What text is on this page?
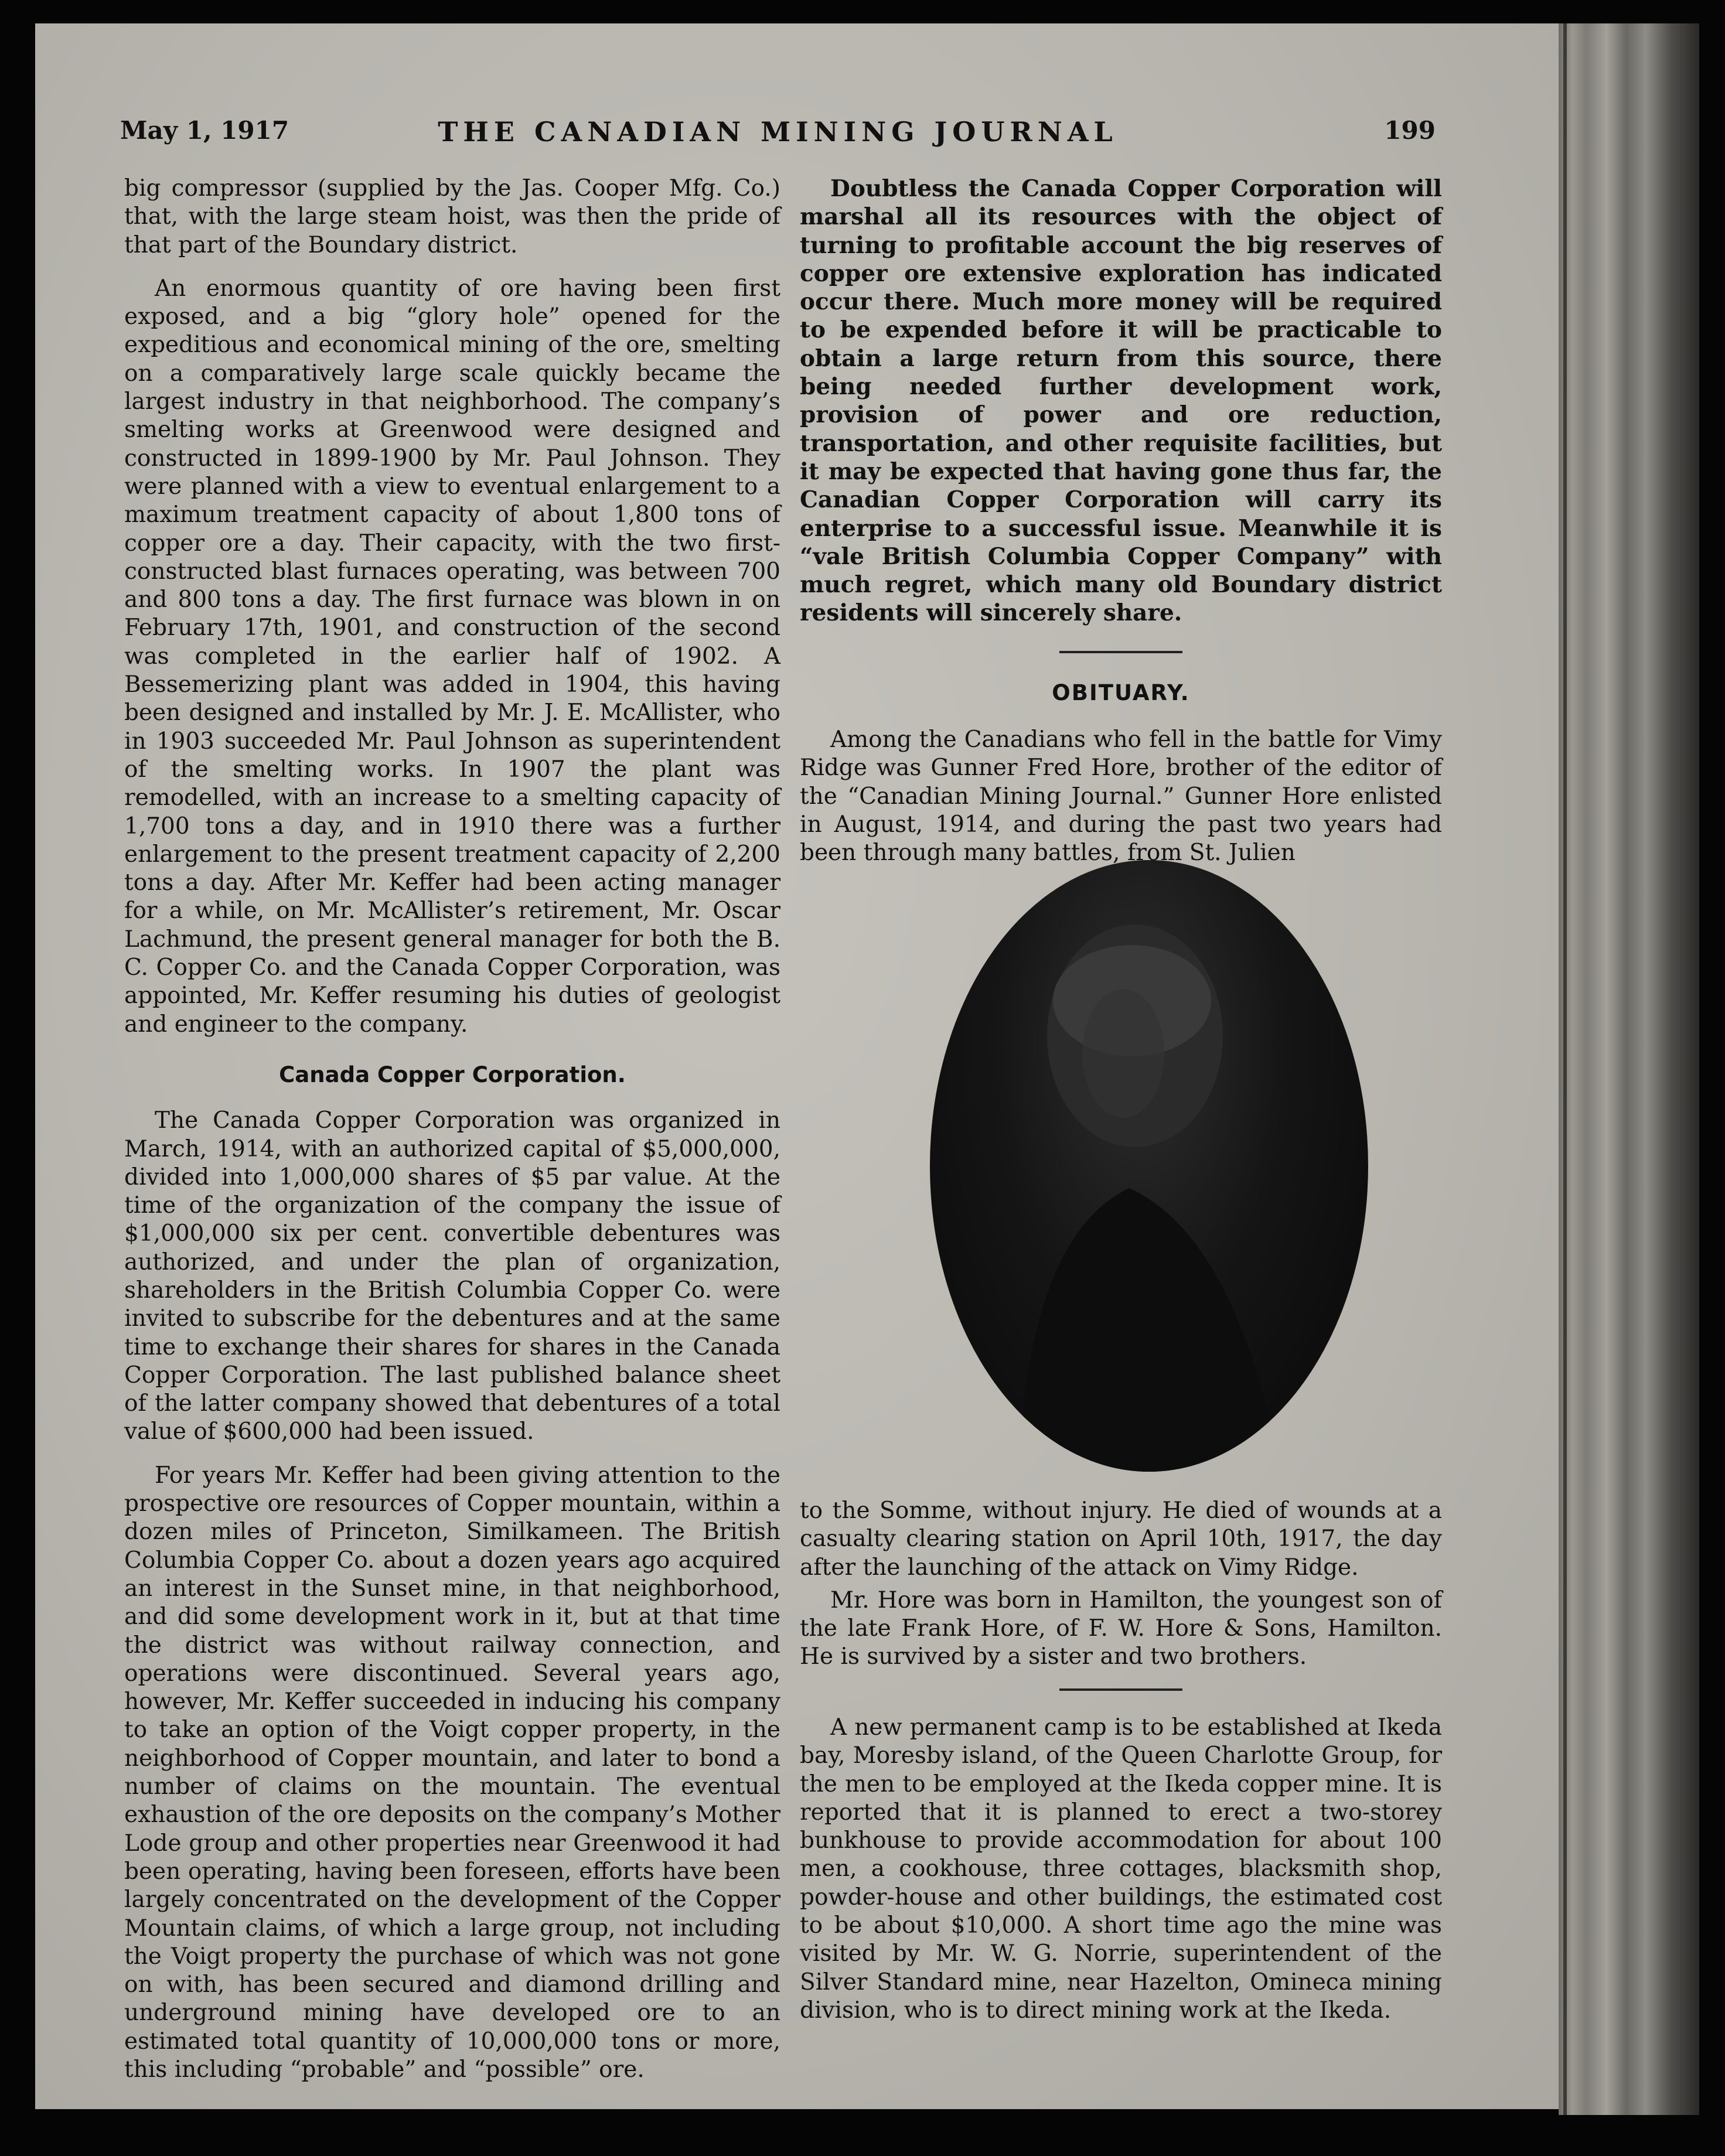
May 1, 1917	THE CANADIAN MINING JOURNAL	199

big compressor (supplied by the Jas. Cooper Mfg. Co.) that, with the large steam hoist, was then the pride of that part of the Boundary district.

An enormous quantity of ore having been first exposed, and a big “glory hole” opened for the expeditious and economical mining of the ore, smelting on a comparatively large scale quickly became the largest industry in that neighborhood. The company’s smelting works at Greenwood were designed and constructed in 1899-1900 by Mr. Paul Johnson. They were planned with a view to eventual enlargement to a maximum treatment capacity of about 1,800 tons of copper ore a day. Their capacity, with the two first-constructed blast furnaces operating, was between 700 and 800 tons a day. The first furnace was blown in on February 17th, 1901, and construction of the second was completed in the earlier half of 1902. A Bessemerizing plant was added in 1904, this having been designed and installed by Mr. J. E. McAllister, who in 1903 succeeded Mr. Paul Johnson as superintendent of the smelting works. In 1907 the plant was remodelled, with an increase to a smelting capacity of 1,700 tons a day, and in 1910 there was a further enlargement to the present treatment capacity of 2,200 tons a day. After Mr. Keffer had been acting manager for a while, on Mr. McAllister’s retirement, Mr. Oscar Lachmund, the present general manager for both the B. C. Copper Co. and the Canada Copper Corporation, was appointed, Mr. Keffer resuming his duties of geologist and engineer to the company.

Canada Copper Corporation.

The Canada Copper Corporation was organized in March, 1914, with an authorized capital of $5,000,000, divided into 1,000,000 shares of $5 par value. At the time of the organization of the company the issue of $1,000,000 six per cent. convertible debentures was authorized, and under the plan of organization, shareholders in the British Columbia Copper Co. were invited to subscribe for the debentures and at the same time to exchange their shares for shares in the Canada Copper Corporation. The last published balance sheet of the latter company showed that debentures of a total value of $600,000 had been issued.

For years Mr. Keffer had been giving attention to the prospective ore resources of Copper mountain, within a dozen miles of Princeton, Similkameen. The British Columbia Copper Co. about a dozen years ago acquired an interest in the Sunset mine, in that neighborhood, and did some development work in it, but at that time the district was without railway connection, and operations were discontinued. Several years ago, however, Mr. Keffer succeeded in inducing his company to take an option of the Voigt copper property, in the neighborhood of Copper mountain, and later to bond a number of claims on the mountain. The eventual exhaustion of the ore deposits on the company’s Mother Lode group and other properties near Greenwood it had been operating, having been foreseen, efforts have been largely concentrated on the development of the Copper Mountain claims, of which a large group, not including the Voigt property the purchase of which was not gone on with, has been secured and diamond drilling and underground mining have developed ore to an estimated total quantity of 10,000,000 tons or more, this including “probable” and “possible” ore.

Doubtless the Canada Copper Corporation will marshal all its resources with the object of turning to profitable account the big reserves of copper ore extensive exploration has indicated occur there. Much more money will be required to be expended before it will be practicable to obtain a large return from this source, there being needed further development work, provision of power and ore reduction, transportation, and other requisite facilities, but it may be expected that having gone thus far, the Canadian Copper Corporation will carry its enterprise to a successful issue. Meanwhile it is “vale British Columbia Copper Company” with much regret, which many old Boundary district residents will sincerely share.

OBITUARY.

Among the Canadians who fell in the battle for Vimy Ridge was Gunner Fred Hore, brother of the editor of the “Canadian Mining Journal.” Gunner Hore enlisted in August, 1914, and during the past two years had been through many battles, from St. Julien

to the Somme, without injury. He died of wounds at a casualty clearing station on April 10th, 1917, the day after the launching of the attack on Vimy Ridge.

Mr. Hore was born in Hamilton, the youngest son of the late Frank Hore, of F. W. Hore & Sons, Hamilton. He is survived by a sister and two brothers.

A new permanent camp is to be established at Ikeda bay, Moresby island, of the Queen Charlotte Group, for the men to be employed at the Ikeda copper mine. It is reported that it is planned to erect a two-storey bunkhouse to provide accommodation for about 100 men, a cookhouse, three cottages, blacksmith shop, powder-house and other buildings, the estimated cost to be about $10,000. A short time ago the mine was visited by Mr. W. G. Norrie, superintendent of the Silver Standard mine, near Hazelton, Omineca mining division, who is to direct mining work at the Ikeda.
